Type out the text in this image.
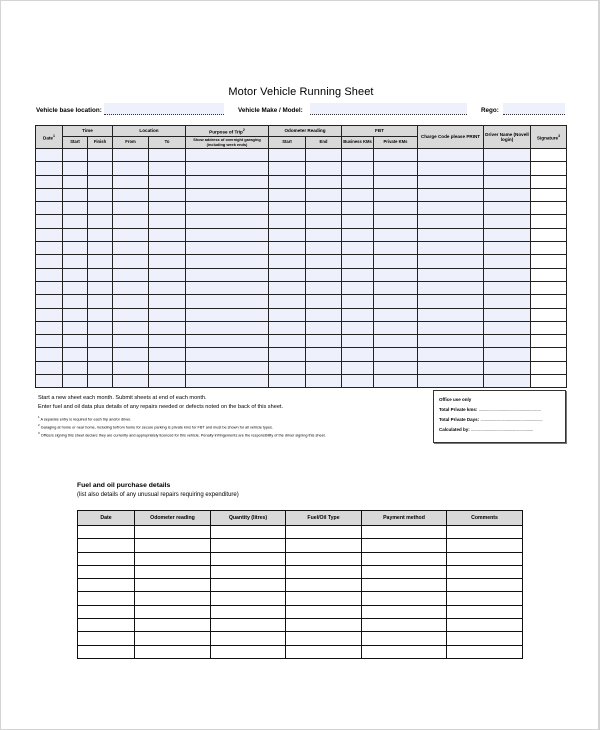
Motor Vehicle Running Sheet
Vehicle base location:	Vehicle Make / Model:	Rego:
Date$^1$	Time		Location		Purpose of Trip$^2$	Odometer Reading		FBT		Charge Code please PRINT	Driver Name (Novell login)	Signature$^3$
	Start	Finish	From	To	Show address of overnight garaging (including week ends)	Start	End	Business KMs	Private KMs			

Start a new sheet each month. Submit sheets at end of each month.
Enter fuel and oil data plus details of any repairs needed or defects noted on the back of this sheet.
$^1$ A separate entry is required for each trip and/or driver.
$^2$ Garaging at home or near home, including to/from home for secure parking is private kms for FBT and must be shown for all vehicle types.
$^3$ Officers signing this sheet declare they are currently and appropriately licenced for this vehicle. Penalty infringements are the responsibility of the driver signing this sheet.
Office use only
Total Private kms: ...........................................................
Total Private Days: ...........................................................
Calculated by: ...........................................................
Fuel and oil purchase details
(list also details of any unusual repairs requiring expenditure)
Date	Odometer reading	Quantity (litres)	Fuel/Oil Type	Payment method	Comments
